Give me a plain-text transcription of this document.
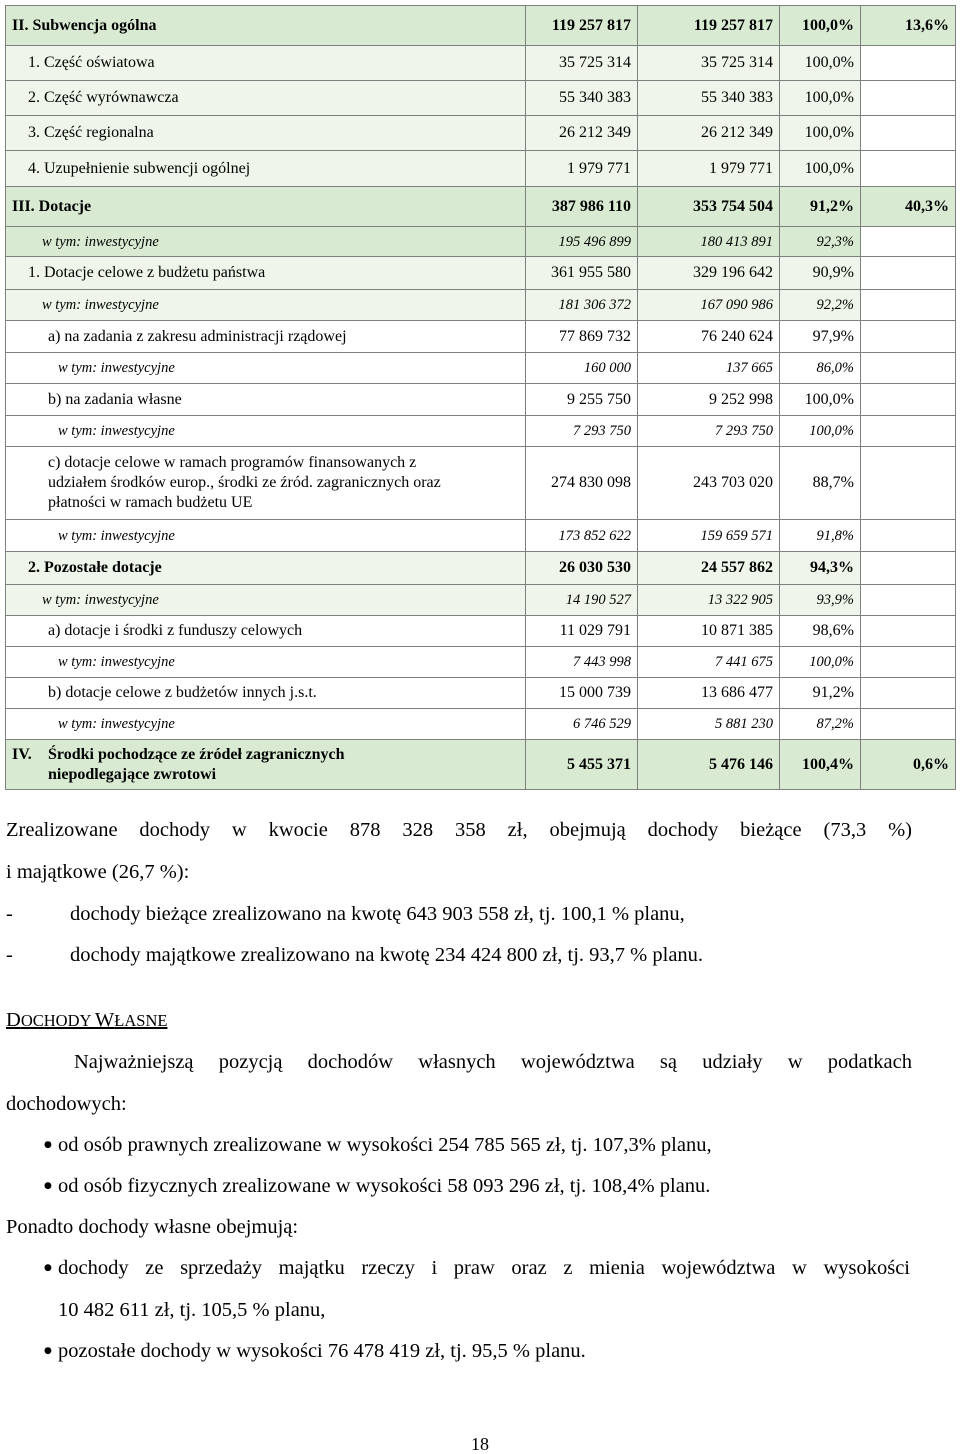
II. Subwencja ogólna	119 257 817	119 257 817	100,0%	13,6%
1. Część oświatowa	35 725 314	35 725 314	100,0%	
2. Część wyrównawcza	55 340 383	55 340 383	100,0%	
3. Część regionalna	26 212 349	26 212 349	100,0%	
4. Uzupełnienie subwencji ogólnej	1 979 771	1 979 771	100,0%	
III. Dotacje	387 986 110	353 754 504	91,2%	40,3%
w tym: inwestycyjne	195 496 899	180 413 891	92,3%	
1. Dotacje celowe z budżetu państwa	361 955 580	329 196 642	90,9%	
w tym: inwestycyjne	181 306 372	167 090 986	92,2%	
a) na zadania z zakresu administracji rządowej	77 869 732	76 240 624	97,9%	
w tym: inwestycyjne	160 000	137 665	86,0%	
b) na zadania własne	9 255 750	9 252 998	100,0%	
w tym: inwestycyjne	7 293 750	7 293 750	100,0%	
c) dotacje celowe w ramach programów finansowanych z udziałem środków europ., środki ze źród. zagranicznych oraz płatności w ramach budżetu UE	274 830 098	243 703 020	88,7%	
w tym: inwestycyjne	173 852 622	159 659 571	91,8%	
2. Pozostałe dotacje	26 030 530	24 557 862	94,3%	
w tym: inwestycyjne	14 190 527	13 322 905	93,9%	
a) dotacje i środki z funduszy celowych	11 029 791	10 871 385	98,6%	
w tym: inwestycyjne	7 443 998	7 441 675	100,0%	
b) dotacje celowe z budżetów innych j.s.t.	15 000 739	13 686 477	91,2%	
w tym: inwestycyjne	6 746 529	5 881 230	87,2%	

IV. Środki pochodzące ze źródeł zagranicznych niepodlegające zwrotowi	5 455 371	5 476 146	100,4%	0,6%
Zrealizowane dochody w kwocie 878 328 358 zł, obejmują dochody bieżące (73,3 %)
i majątkowe (26,7 %):
-	dochody bieżące zrealizowano na kwotę 643 903 558 zł, tj. 100,1 % planu,
-	dochody majątkowe zrealizowano na kwotę 234 424 800 zł, tj. 93,7 % planu.
DOCHODY WŁASNE
Najważniejszą pozycją dochodów własnych województwa są udziały w podatkach
dochodowych:
● od osób prawnych zrealizowane w wysokości 254 785 565 zł, tj. 107,3% planu,
● od osób fizycznych zrealizowane w wysokości 58 093 296 zł, tj. 108,4% planu.
Ponadto dochody własne obejmują:
● dochody ze sprzedaży majątku rzeczy i praw oraz z mienia województwa w wysokości
10 482 611 zł, tj. 105,5 % planu,
● pozostałe dochody w wysokości 76 478 419 zł, tj. 95,5 % planu.
18
